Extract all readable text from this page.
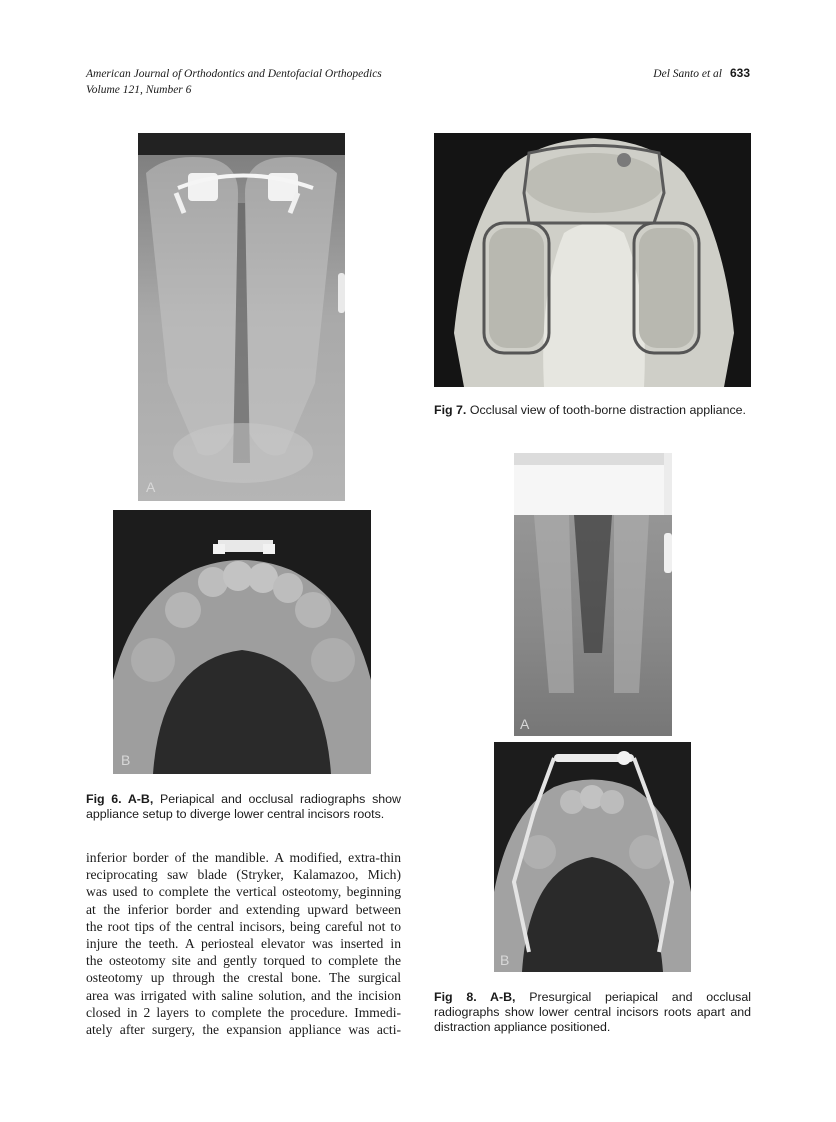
American Journal of Orthodontics and Dentofacial Orthopedics
Volume 121, Number 6
Del Santo et al 633
A
B
Fig 6. A-B, Periapical and occlusal radiographs show appliance setup to diverge lower central incisors roots.
Fig 7. Occlusal view of tooth-borne distraction appliance.
A
B
Fig 8. A-B, Presurgical periapical and occlusal radiographs show lower central incisors roots apart and distraction appliance positioned.
inferior border of the mandible. A modified, extra-thin
reciprocating saw blade (Stryker, Kalamazoo, Mich)
was used to complete the vertical osteotomy, beginning
at the inferior border and extending upward between
the root tips of the central incisors, being careful not to
injure the teeth. A periosteal elevator was inserted in
the osteotomy site and gently torqued to complete the
osteotomy up through the crestal bone. The surgical
area was irrigated with saline solution, and the incision
closed in 2 layers to complete the procedure. Immedi-
ately after surgery, the expansion appliance was acti-
